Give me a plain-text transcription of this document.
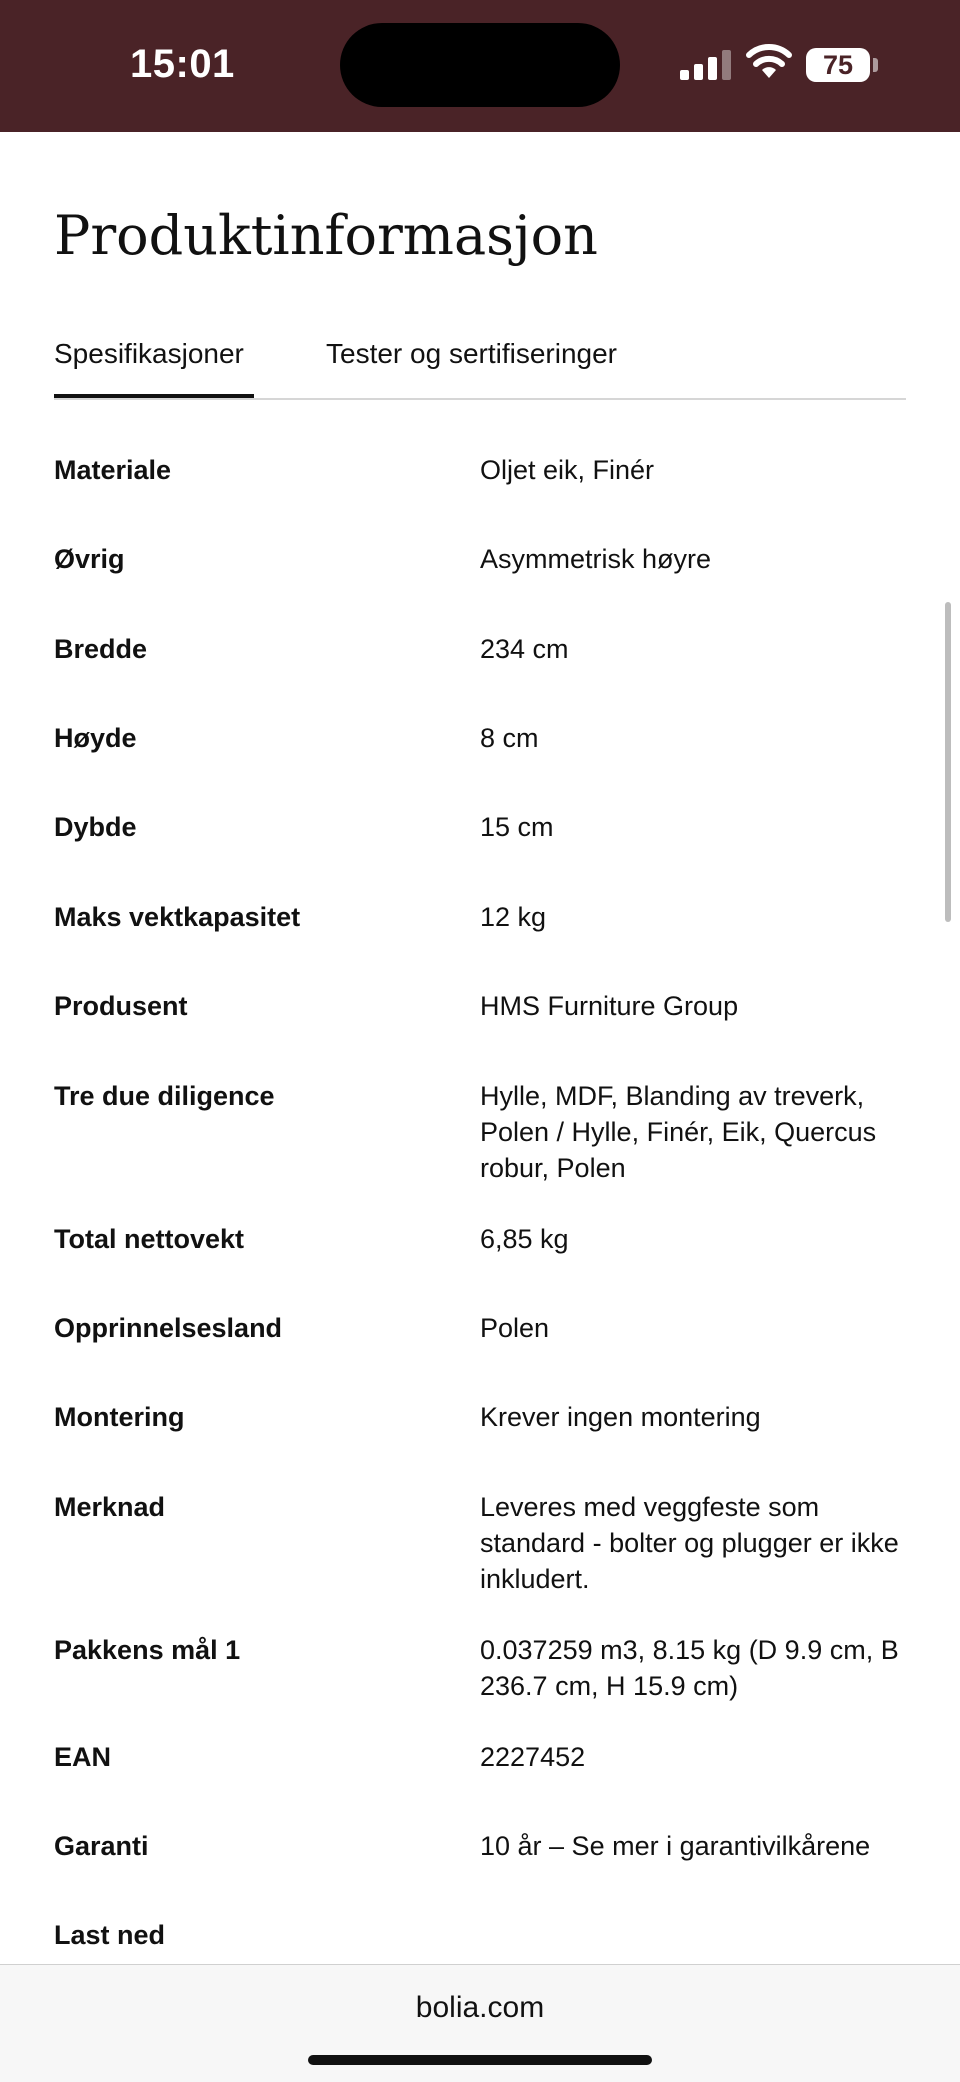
15:01	75
Produktinformasjon
Spesifikasjoner	Tester og sertifiseringer
Materiale	Oljet eik, Finér
Øvrig	Asymmetrisk høyre
Bredde	234 cm
Høyde	8 cm
Dybde	15 cm
Maks vektkapasitet	12 kg
Produsent	HMS Furniture Group
Tre due diligence	Hylle, MDF, Blanding av treverk, Polen / Hylle, Finér, Eik, Quercus robur, Polen
Total nettovekt	6,85 kg
Opprinnelsesland	Polen
Montering	Krever ingen montering
Merknad	Leveres med veggfeste som standard - bolter og plugger er ikke inkludert.
Pakkens mål 1	0.037259 m3, 8.15 kg (D 9.9 cm, B 236.7 cm, H 15.9 cm)
EAN	2227452
Garanti	10 år – Se mer i garantivilkårene
Last ned
bolia.com
